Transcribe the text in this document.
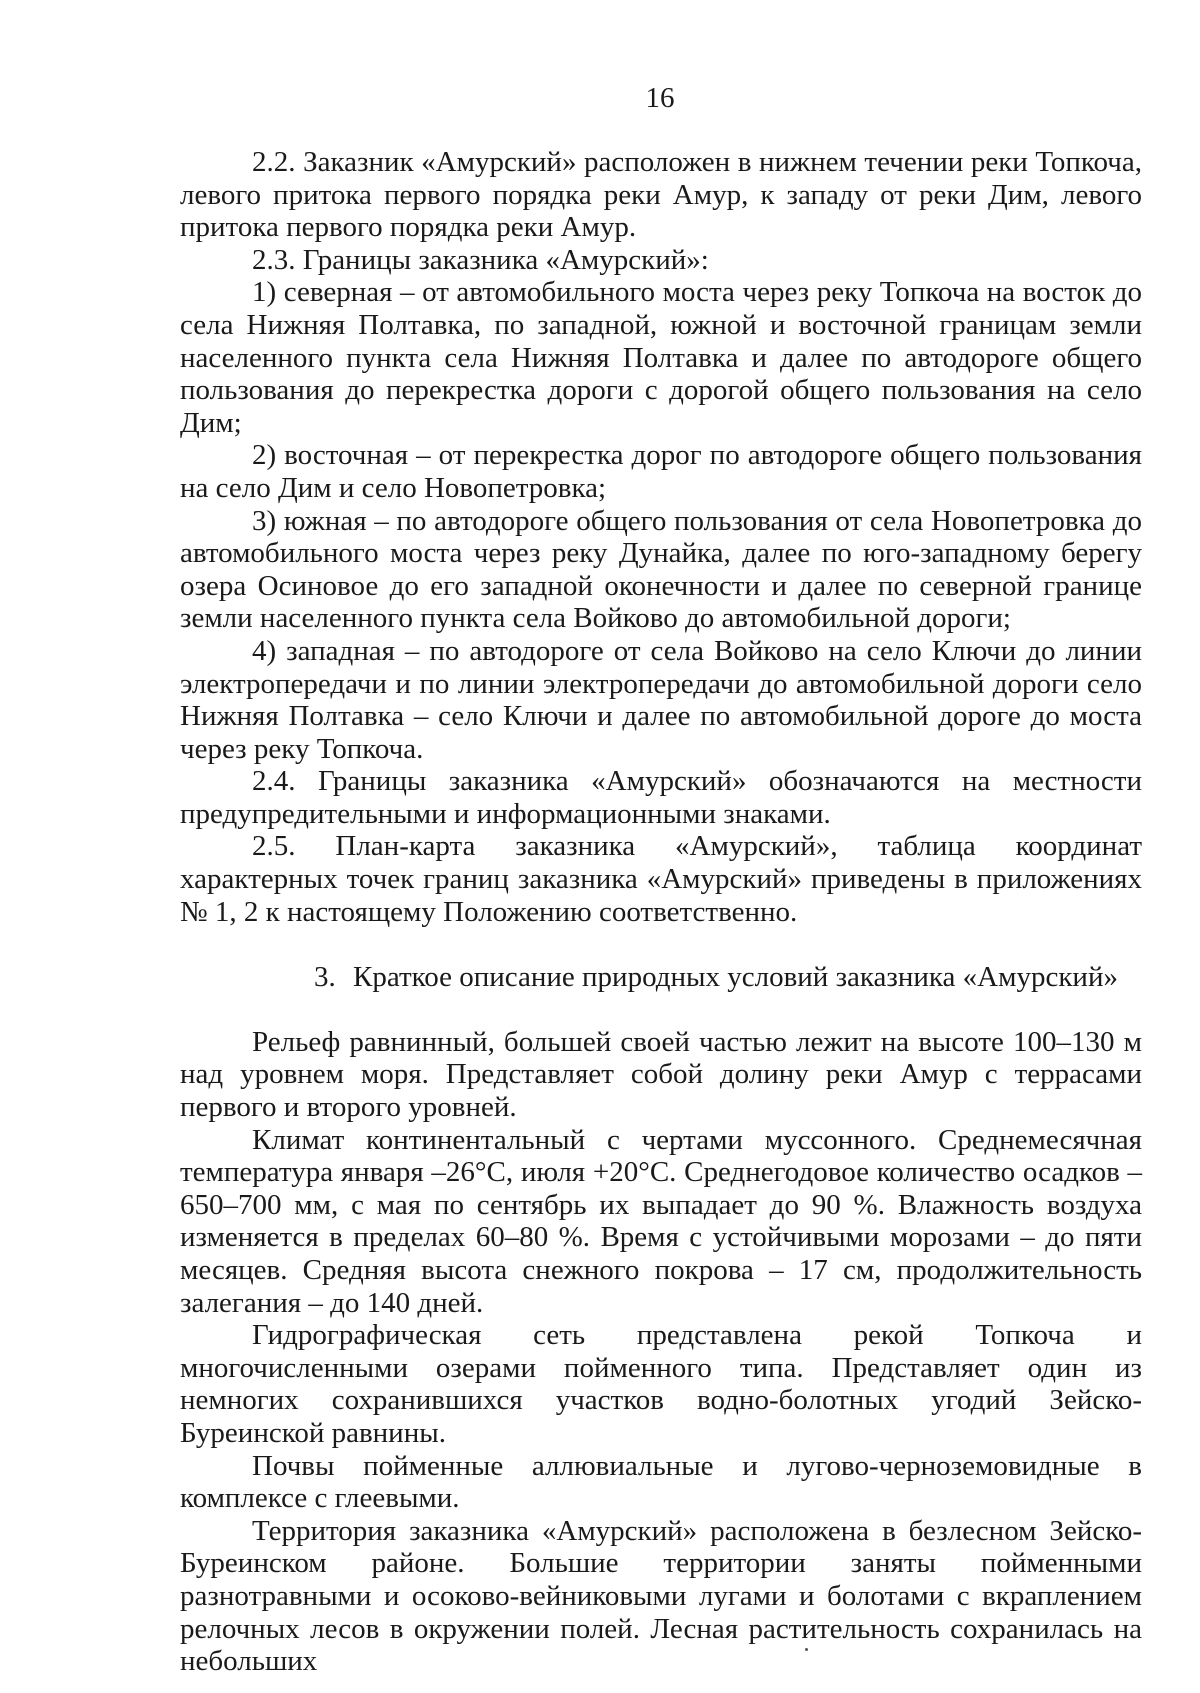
16

2.2. Заказник «Амурский» расположен в нижнем течении реки Топкоча, левого притока первого порядка реки Амур, к западу от реки Дим, левого притока первого порядка реки Амур.

2.3. Границы заказника «Амурский»:

1) северная – от автомобильного моста через реку Топкоча на восток до села Нижняя Полтавка, по западной, южной и восточной границам земли населенного пункта села Нижняя Полтавка и далее по автодороге общего пользования до перекрестка дороги с дорогой общего пользования на село Дим;

2) восточная – от перекрестка дорог по автодороге общего пользования на село Дим и село Новопетровка;

3) южная – по автодороге общего пользования от села Новопетровка до автомобильного моста через реку Дунайка, далее по юго-западному берегу озера Осиновое до его западной оконечности и далее по северной границе земли населенного пункта села Войково до автомобильной дороги;

4) западная – по автодороге от села Войково на село Ключи до линии электропередачи и по линии электропередачи до автомобильной дороги село Нижняя Полтавка – село Ключи и далее по автомобильной дороге до моста через реку Топкоча.

2.4. Границы заказника «Амурский» обозначаются на местности предупредительными и информационными знаками.

2.5. План-карта заказника «Амурский», таблица координат характерных точек границ заказника «Амурский» приведены в приложениях № 1, 2 к настоящему Положению соответственно.

3. Краткое описание природных условий заказника «Амурский»

Рельеф равнинный, большей своей частью лежит на высоте 100–130 м над уровнем моря. Представляет собой долину реки Амур с террасами первого и второго уровней.

Климат континентальный с чертами муссонного. Среднемесячная температура января –26°C, июля +20°C. Среднегодовое количество осадков – 650–700 мм, с мая по сентябрь их выпадает до 90 %. Влажность воздуха изменяется в пределах 60–80 %. Время с устойчивыми морозами – до пяти месяцев. Средняя высота снежного покрова – 17 см, продолжительность залегания – до 140 дней.

Гидрографическая сеть представлена рекой Топкоча и многочисленными озерами пойменного типа. Представляет один из немногих сохранившихся участков водно-болотных угодий Зейско-Буреинской равнины.

Почвы пойменные аллювиальные и лугово-черноземовидные в комплексе с глеевыми.

Территория заказника «Амурский» расположена в безлесном Зейско-Буреинском районе. Большие территории заняты пойменными разнотравными и осоково-вейниковыми лугами и болотами с вкраплением релочных лесов в окружении полей. Лесная растительность сохранилась на небольших
